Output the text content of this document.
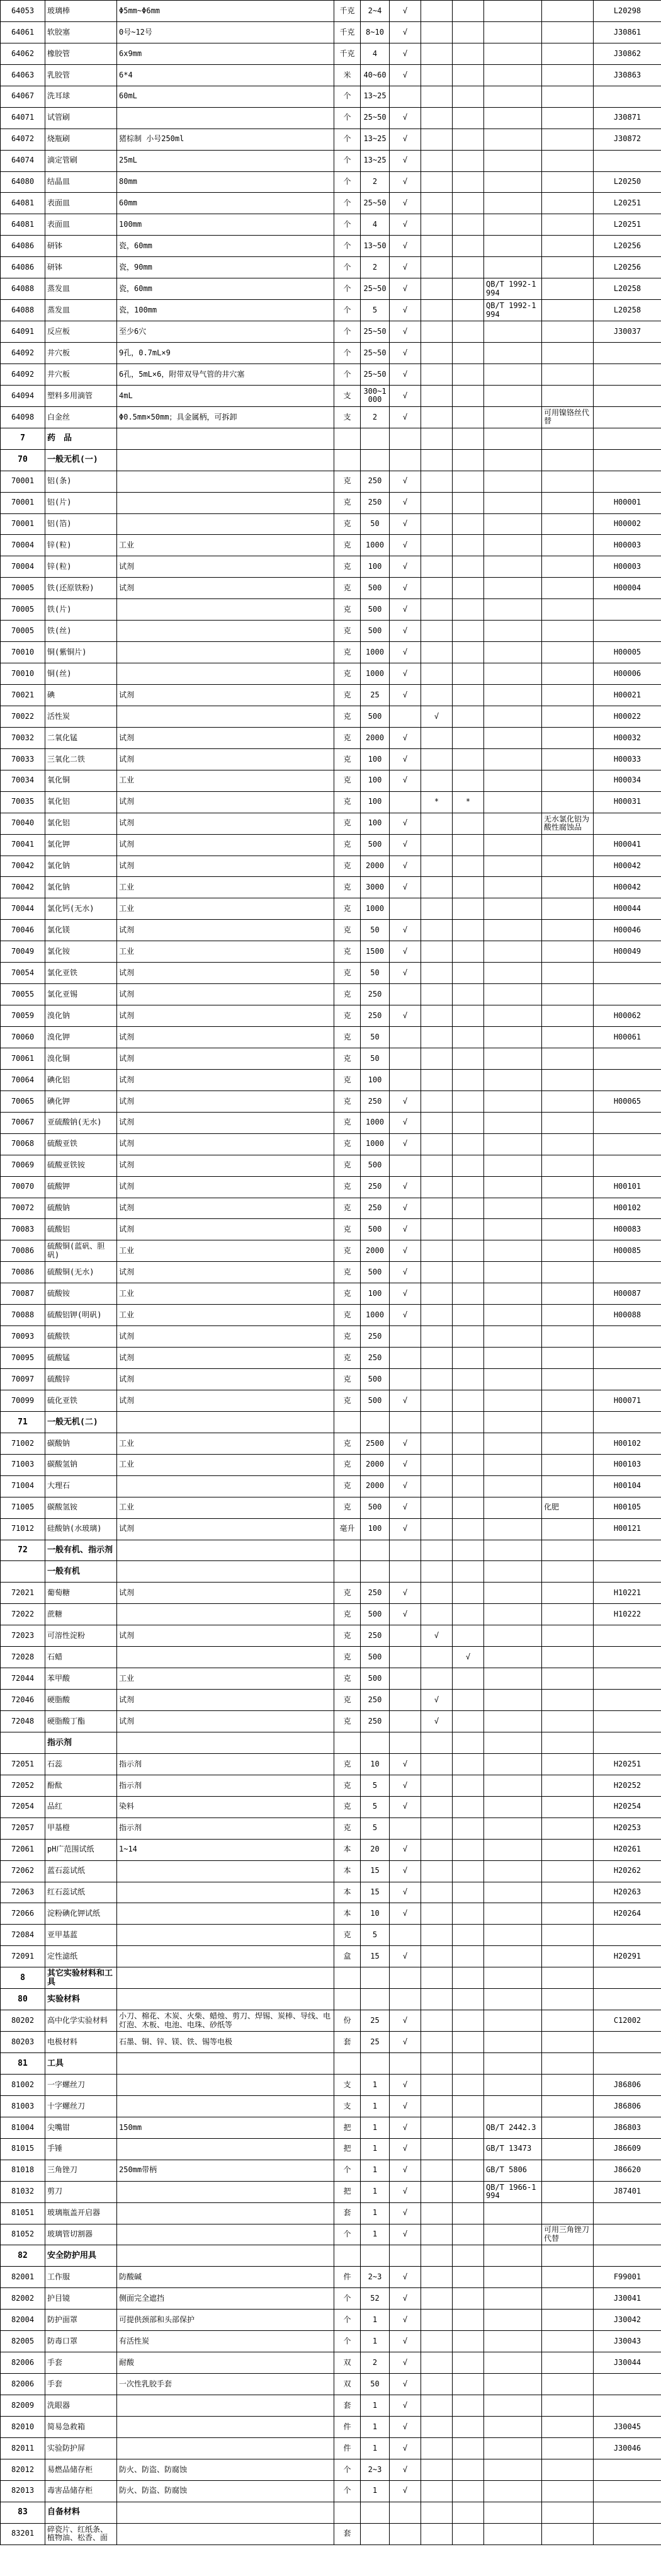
64053	玻璃棒	Φ5mm~Φ6mm	千克	2~4	√					L20298
64061	软胶塞	0号~12号	千克	8~10	√					J30861
64062	橡胶管	6x9mm	千克	4	√					J30862
64063	乳胶管	6*4	米	40~60	√					J30863
64067	洗耳球	60mL	个	13~25						
64071	试管刷		个	25~50	√					J30871
64072	烧瓶刷	猪棕制 小号250ml	个	13~25	√					J30872
64074	滴定管刷	25mL	个	13~25	√					
64080	结晶皿	80mm	个	2	√					L20250
64081	表面皿	60mm	个	25~50	√					L20251
64081	表面皿	100mm	个	4	√					L20251
64086	研钵	瓷，60mm	个	13~50	√					L20256
64086	研钵	瓷，90mm	个	2	√					L20256
64088	蒸发皿	瓷，60mm	个	25~50	√			QB/T 1992-1994		L20258
64088	蒸发皿	瓷，100mm	个	5	√			QB/T 1992-1994		L20258
64091	反应板	至少6穴	个	25~50	√					J30037
64092	井穴板	9孔，0.7mL×9	个	25~50	√					
64092	井穴板	6孔，5mL×6，附带双导气管的井穴塞	个	25~50	√					
64094	塑料多用滴管	4mL	支	300~1000	√					
64098	白金丝	Φ0.5mm×50mm；具金属柄，可拆卸	支	2	√				可用镍铬丝代替	
7	药　品									
70	一般无机(一)									
70001	铝(条)		克	250	√					
70001	铝(片)		克	250	√					H00001
70001	铝(箔)		克	50	√					H00002
70004	锌(粒)	工业	克	1000	√					H00003
70004	锌(粒)	试剂	克	100	√					H00003
70005	铁(还原铁粉)	试剂	克	500	√					H00004
70005	铁(片)		克	500	√					
70005	铁(丝)		克	500	√					
70010	铜(紫铜片)		克	1000	√					H00005
70010	铜(丝)		克	1000	√					H00006
70021	碘	试剂	克	25	√					H00021
70022	活性炭		克	500		√				H00022
70032	二氧化锰	试剂	克	2000	√					H00032
70033	三氧化二铁	试剂	克	100	√					H00033
70034	氧化铜	工业	克	100	√					H00034
70035	氧化铝	试剂	克	100		*	*			H00031
70040	氯化铝	试剂	克	100	√				无水氯化铝为酸性腐蚀品	
70041	氯化钾	试剂	克	500	√					H00041
70042	氯化钠	试剂	克	2000	√					H00042
70042	氯化钠	工业	克	3000	√					H00042
70044	氯化钙(无水)	工业	克	1000						H00044
70046	氯化镁	试剂	克	50	√					H00046
70049	氯化铵	工业	克	1500	√					H00049
70054	氯化亚铁	试剂	克	50	√					
70055	氯化亚锡	试剂	克	250						
70059	溴化钠	试剂	克	250	√					H00062
70060	溴化钾	试剂	克	50						H00061
70061	溴化铜	试剂	克	50						
70064	碘化铝	试剂	克	100						
70065	碘化钾	试剂	克	250	√					H00065
70067	亚硫酸钠(无水)	试剂	克	1000	√					
70068	硫酸亚铁	试剂	克	1000	√					
70069	硫酸亚铁铵	试剂	克	500						
70070	硫酸钾	试剂	克	250	√					H00101
70072	硫酸钠	试剂	克	250	√					H00102
70083	硫酸铝	试剂	克	500	√					H00083
70086	硫酸铜(蓝矾、胆矾)	工业	克	2000	√					H00085
70086	硫酸铜(无水)	试剂	克	500	√					
70087	硫酸铵	工业	克	100	√					H00087
70088	硫酸铝钾(明矾)	工业	克	1000	√					H00088
70093	硫酸铁	试剂	克	250						
70095	硫酸锰	试剂	克	250						
70097	硫酸锌	试剂	克	500						
70099	硫化亚铁	试剂	克	500	√					H00071
71	一般无机(二)									
71002	碳酸钠	工业	克	2500	√					H00102
71003	碳酸氢钠	工业	克	2000	√					H00103
71004	大理石		克	2000	√					H00104
71005	碳酸氢铵	工业	克	500	√				化肥	H00105
71012	硅酸钠(水玻璃)	试剂	毫升	100	√					H00121
72	一般有机、指示剂									
	一般有机									
72021	葡萄糖	试剂	克	250	√					H10221
72022	蔗糖		克	500	√					H10222
72023	可溶性淀粉	试剂	克	250		√				
72028	石蜡		克	500			√			
72044	苯甲酸	工业	克	500						
72046	硬脂酸	试剂	克	250		√				
72048	硬脂酸丁酯	试剂	克	250		√				
	指示剂									
72051	石蕊	指示剂	克	10	√					H20251
72052	酚酞	指示剂	克	5	√					H20252
72054	品红	染料	克	5	√					H20254
72057	甲基橙	指示剂	克	5						H20253
72061	pH广范围试纸	1~14	本	20	√					H20261
72062	蓝石蕊试纸		本	15	√					H20262
72063	红石蕊试纸		本	15	√					H20263
72066	淀粉碘化钾试纸		本	10	√					H20264
72084	亚甲基蓝		克	5						
72091	定性滤纸		盒	15	√					H20291
8	其它实验材料和工具									
80	实验材料									
80202	高中化学实验材料	小刀、棉花、木炭、火柴、蜡烛、剪刀、焊锡、炭棒、导线、电灯泡、木板、电池、电珠、砂纸等	份	25	√					C12002
80203	电极材料	石墨、铜、锌、镁、铁、锡等电极	套	25	√					
81	工具									
81002	一字螺丝刀		支	1	√					J86806
81003	十字螺丝刀		支	1	√					J86806
81004	尖嘴钳	150mm	把	1	√			QB/T 2442.3		J86803
81015	手锤		把	1	√			GB/T 13473		J86609
81018	三角锉刀	250mm带柄	个	1	√			GB/T 5806		J86620
81032	剪刀		把	1	√			QB/T 1966-1994		J87401
81051	玻璃瓶盖开启器		套	1	√					
81052	玻璃管切割器		个	1	√				可用三角锉刀代替	
82	安全防护用具									
82001	工作服	防酸碱	件	2~3	√					F99001
82002	护目镜	侧面完全遮挡	个	52	√					J30041
82004	防护面罩	可提供颈部和头部保护	个	1	√					J30042
82005	防毒口罩	有活性炭	个	1	√					J30043
82006	手套	耐酸	双	2	√					J30044
82006	手套	一次性乳胶手套	双	50	√					
82009	洗眼器		套	1	√					
82010	简易急救箱		件	1	√					J30045
82011	实验防护屏		件	1	√					J30046
82012	易燃品储存柜	防火、防盗、防腐蚀	个	2~3	√					
82013	毒害品储存柜	防火、防盗、防腐蚀	个	1	√					
83	自备材料									
83201	碎瓷片、红纸条、植物油、松香、面		套							
